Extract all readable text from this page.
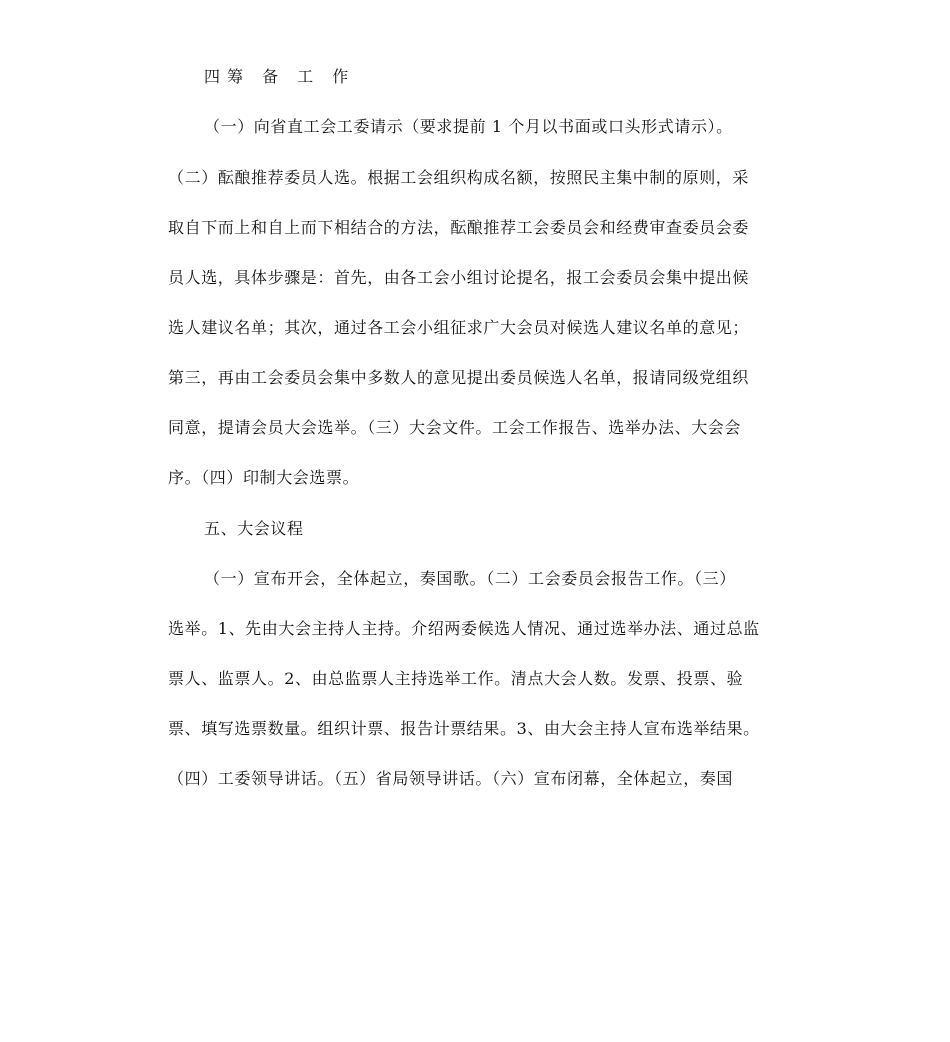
四筹 备 工 作
（一）向省直工会工委请示（要求提前 1 个月以书面或口头形式请示）。
（二）酝酿推荐委员人选。根据工会组织构成名额，按照民主集中制的原则，采
取自下而上和自上而下相结合的方法，酝酿推荐工会委员会和经费审查委员会委
员人选，具体步骤是：首先，由各工会小组讨论提名，报工会委员会集中提出候
选人建议名单；其次，通过各工会小组征求广大会员对候选人建议名单的意见；
第三，再由工会委员会集中多数人的意见提出委员候选人名单，报请同级党组织
同意，提请会员大会选举。（三）大会文件。工会工作报告、选举办法、大会会
序。（四）印制大会选票。
五、大会议程
（一）宣布开会，全体起立，奏国歌。（二）工会委员会报告工作。（三）
选举。1、先由大会主持人主持。介绍两委候选人情况、通过选举办法、通过总监
票人、监票人。2、由总监票人主持选举工作。清点大会人数。发票、投票、验
票、填写选票数量。组织计票、报告计票结果。3、由大会主持人宣布选举结果。
（四）工委领导讲话。（五）省局领导讲话。（六）宣布闭幕，全体起立，奏国
